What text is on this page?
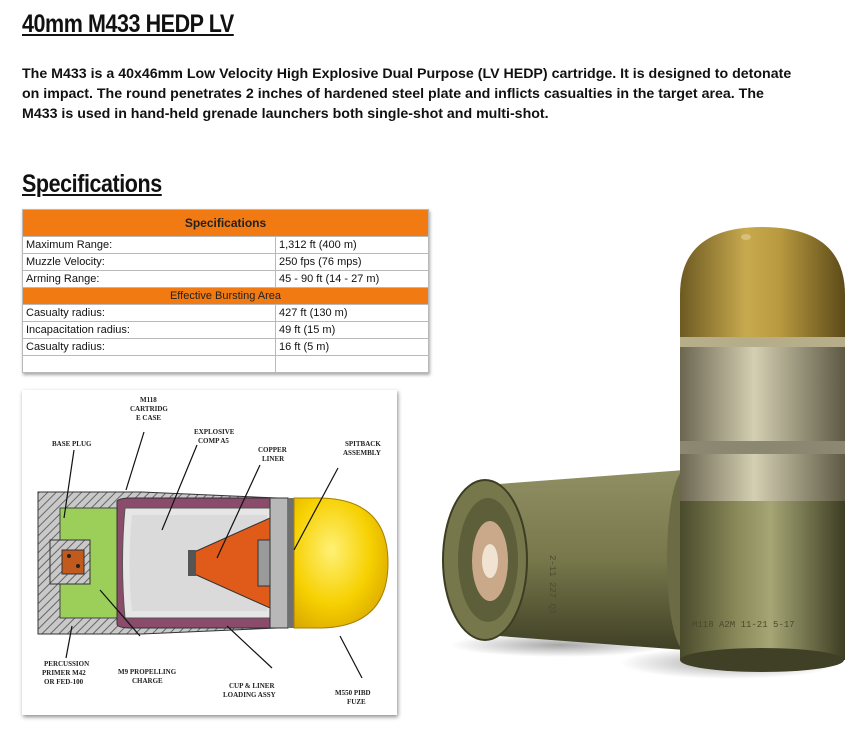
40mm M433 HEDP LV
The M433 is a 40x46mm Low Velocity High Explosive Dual Purpose (LV HEDP) cartridge. It is designed to detonate on impact. The round penetrates 2 inches of hardened steel plate and inflicts casualties in the target area. The M433 is used in hand-held grenade launchers both single-shot and multi-shot.
Specifications
Specifications	
Maximum Range:	1,312 ft (400 m)
Muzzle Velocity:	250 fps (76 mps)
Arming Range:	45 - 90 ft (14 - 27 m)
Effective Bursting Area	
Casualty radius:	427 ft (130 m)
Incapacitation radius:	49 ft (15 m)
Casualty radius:	16 ft (5 m)

M118
CARTRIDG
E CASE
BASE PLUG
EXPLOSIVE
COMP A5
COPPER
LINER
SPITBACK
ASSEMBLY
PERCUSSION
PRIMER M42
OR FED-100
M9 PROPELLING
CHARGE
CUP & LINER
LOADING ASSY	M550 PIBD
FUZE
2-11 227 Q1
M118 A2M 11-21 5-17
